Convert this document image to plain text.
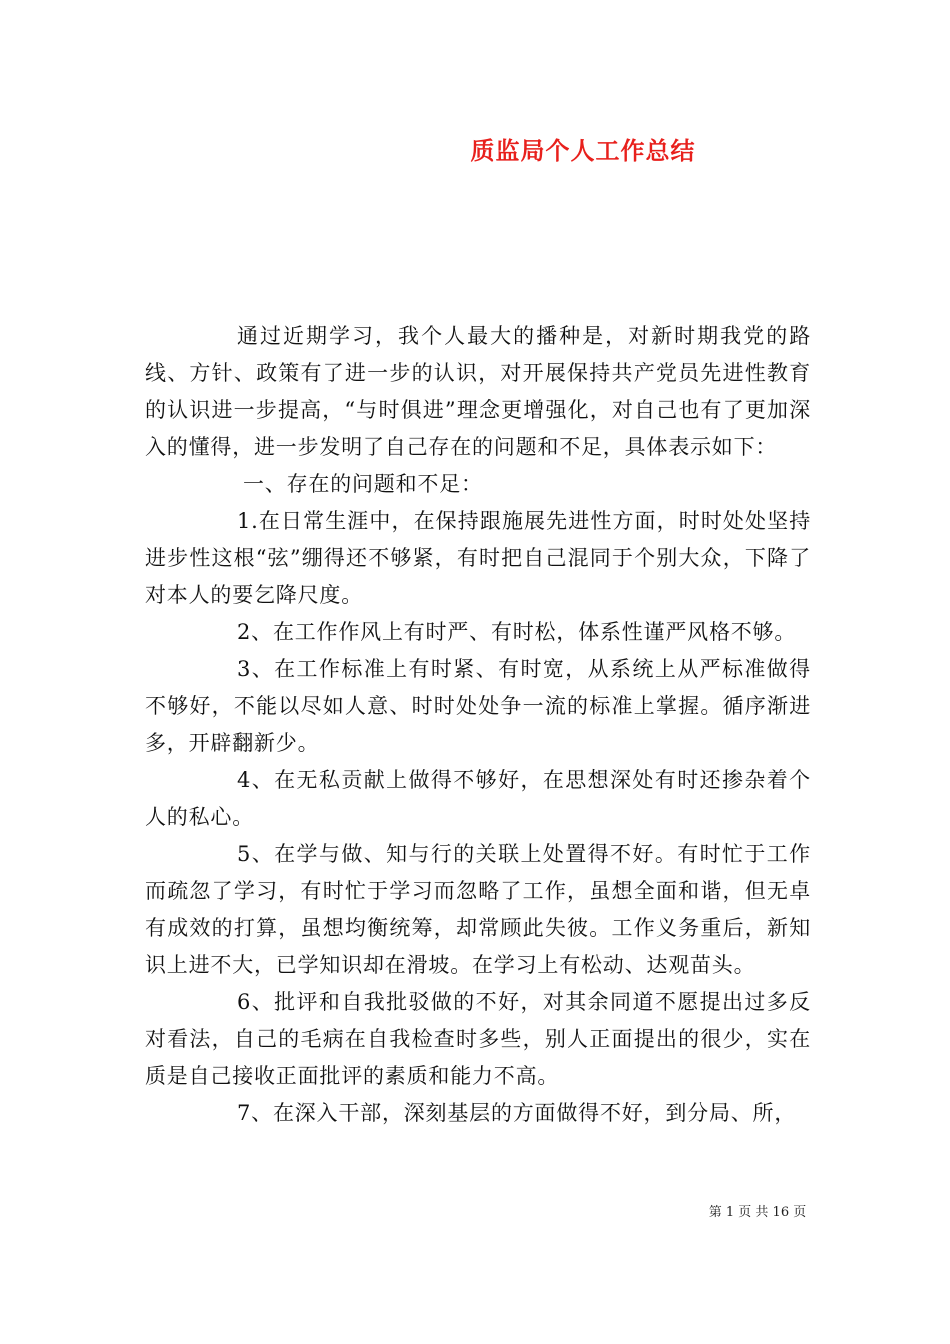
质监局个人工作总结

通过近期学习，我个人最大的播种是，对新时期我党的路线、方针、政策有了进一步的认识，对开展保持共产党员先进性教育的认识进一步提高，“与时俱进”理念更增强化，对自己也有了更加深入的懂得，进一步发明了自己存在的问题和不足，具体表示如下：

一、存在的问题和不足：

1.在日常生涯中，在保持跟施展先进性方面，时时处处坚持进步性这根“弦”绷得还不够紧，有时把自己混同于个别大众，下降了对本人的要乞降尺度。

2、在工作作风上有时严、有时松，体系性谨严风格不够。

3、在工作标准上有时紧、有时宽，从系统上从严标准做得不够好，不能以尽如人意、时时处处争一流的标准上掌握。循序渐进多，开辟翻新少。

4、在无私贡献上做得不够好，在思想深处有时还掺杂着个人的私心。

5、在学与做、知与行的关联上处置得不好。有时忙于工作而疏忽了学习，有时忙于学习而忽略了工作，虽想全面和谐，但无卓有成效的打算，虽想均衡统筹，却常顾此失彼。工作义务重后，新知识上进不大，已学知识却在滑坡。在学习上有松动、达观苗头。

6、批评和自我批驳做的不好，对其余同道不愿提出过多反对看法，自己的毛病在自我检查时多些，别人正面提出的很少，实在质是自己接收正面批评的素质和能力不高。

7、在深入干部，深刻基层的方面做得不好，到分局、所，

第 1 页 共 16 页
